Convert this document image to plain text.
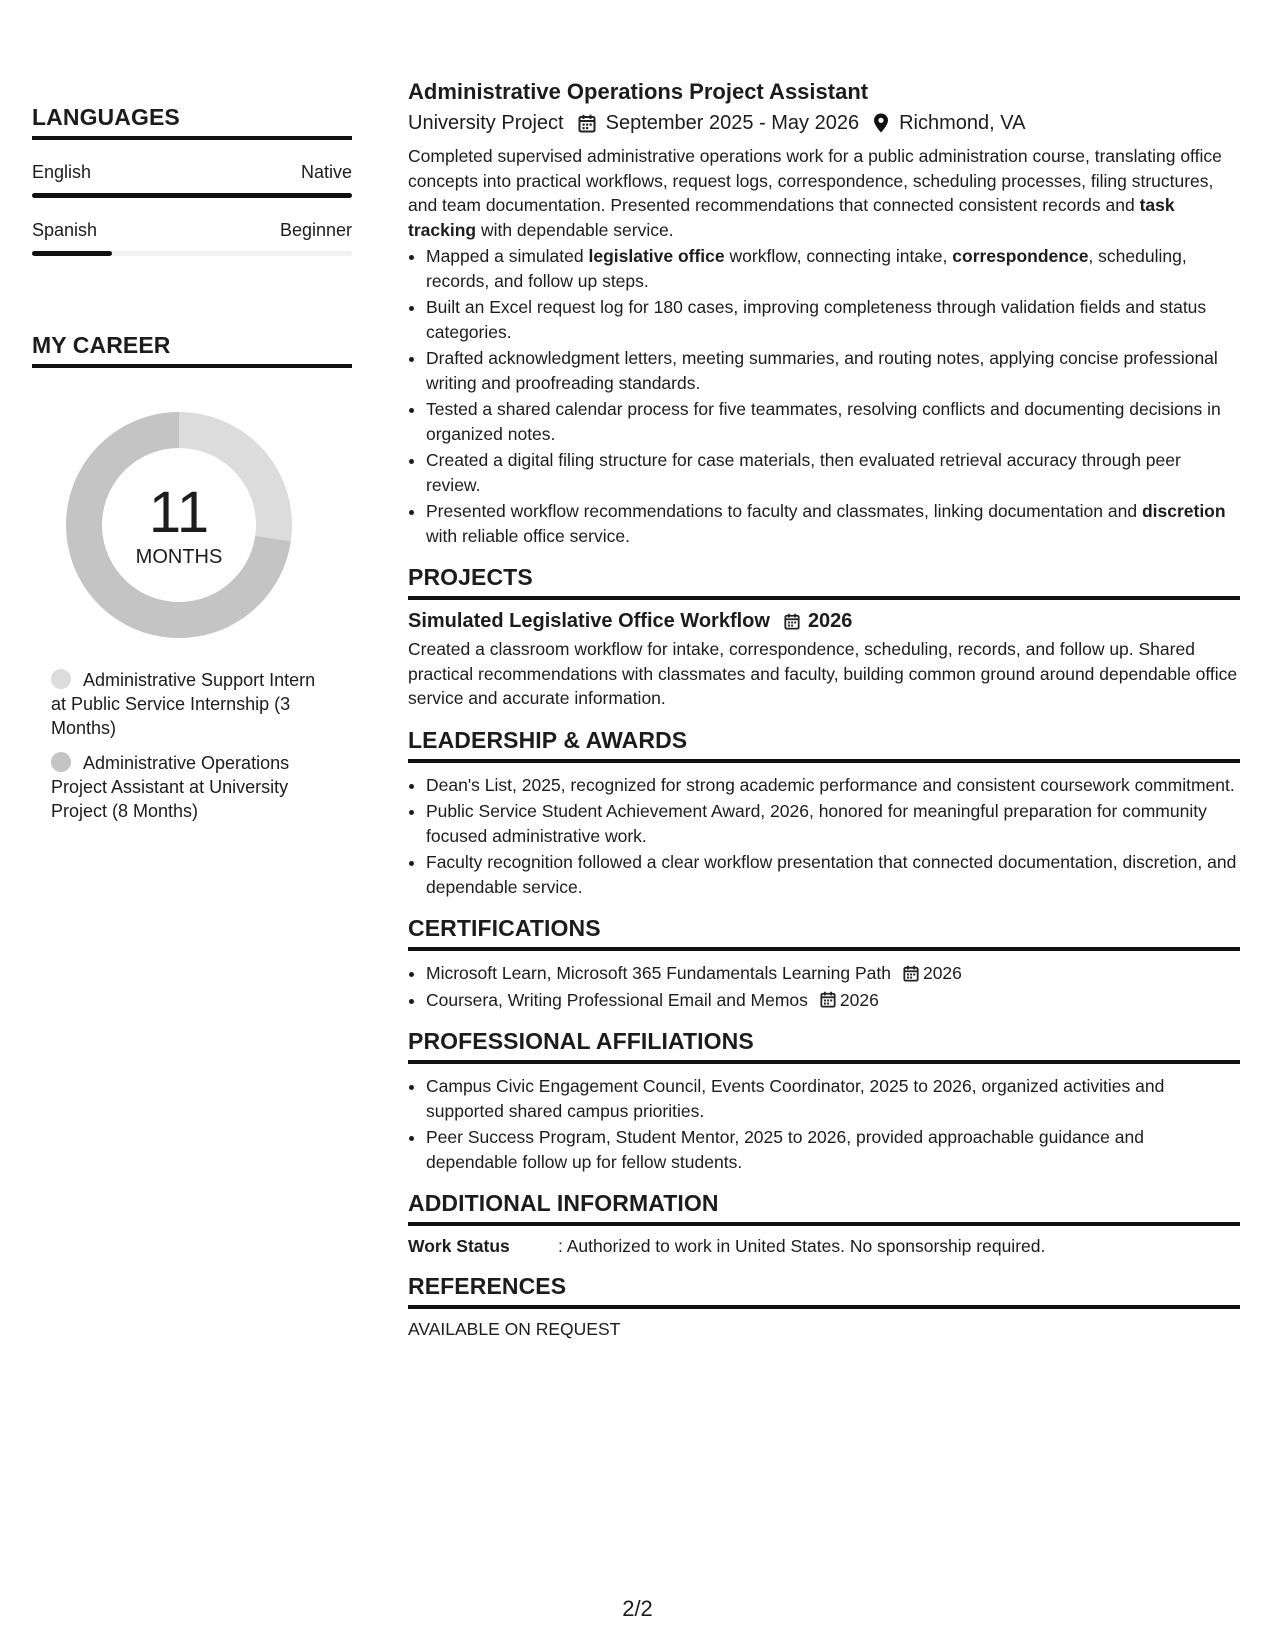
LANGUAGES
English	Native
Spanish	Beginner
MY CAREER
11
MONTHS
Administrative Support Intern at Public Service Internship (3 Months)
Administrative Operations Project Assistant at University Project (8 Months)
Administrative Operations Project Assistant
University Project September 2025 - May 2026 Richmond, VA

Completed supervised administrative operations work for a public administration course, translating office concepts into practical workflows, request logs, correspondence, scheduling processes, filing structures, and team documentation. Presented recommendations that connected consistent records and task tracking with dependable service.

• Mapped a simulated legislative office workflow, connecting intake, correspondence, scheduling, records, and follow up steps.
• Built an Excel request log for 180 cases, improving completeness through validation fields and status categories.
• Drafted acknowledgment letters, meeting summaries, and routing notes, applying concise professional writing and proofreading standards.
• Tested a shared calendar process for five teammates, resolving conflicts and documenting decisions in organized notes.
• Created a digital filing structure for case materials, then evaluated retrieval accuracy through peer review.
• Presented workflow recommendations to faculty and classmates, linking documentation and discretion with reliable office service.
PROJECTS
Simulated Legislative Office Workflow 2026

Created a classroom workflow for intake, correspondence, scheduling, records, and follow up. Shared practical recommendations with classmates and faculty, building common ground around dependable office service and accurate information.

LEADERSHIP & AWARDS
• Dean's List, 2025, recognized for strong academic performance and consistent coursework commitment.
• Public Service Student Achievement Award, 2026, honored for meaningful preparation for community focused administrative work.
• Faculty recognition followed a clear workflow presentation that connected documentation, discretion, and dependable service.
CERTIFICATIONS
• Microsoft Learn, Microsoft 365 Fundamentals Learning Path 2026
• Coursera, Writing Professional Email and Memos 2026
PROFESSIONAL AFFILIATIONS
• Campus Civic Engagement Council, Events Coordinator, 2025 to 2026, organized activities and supported shared campus priorities.
• Peer Success Program, Student Mentor, 2025 to 2026, provided approachable guidance and dependable follow up for fellow students.
ADDITIONAL INFORMATION
Work Status	: Authorized to work in United States. No sponsorship required.
REFERENCES
AVAILABLE ON REQUEST
2/2
